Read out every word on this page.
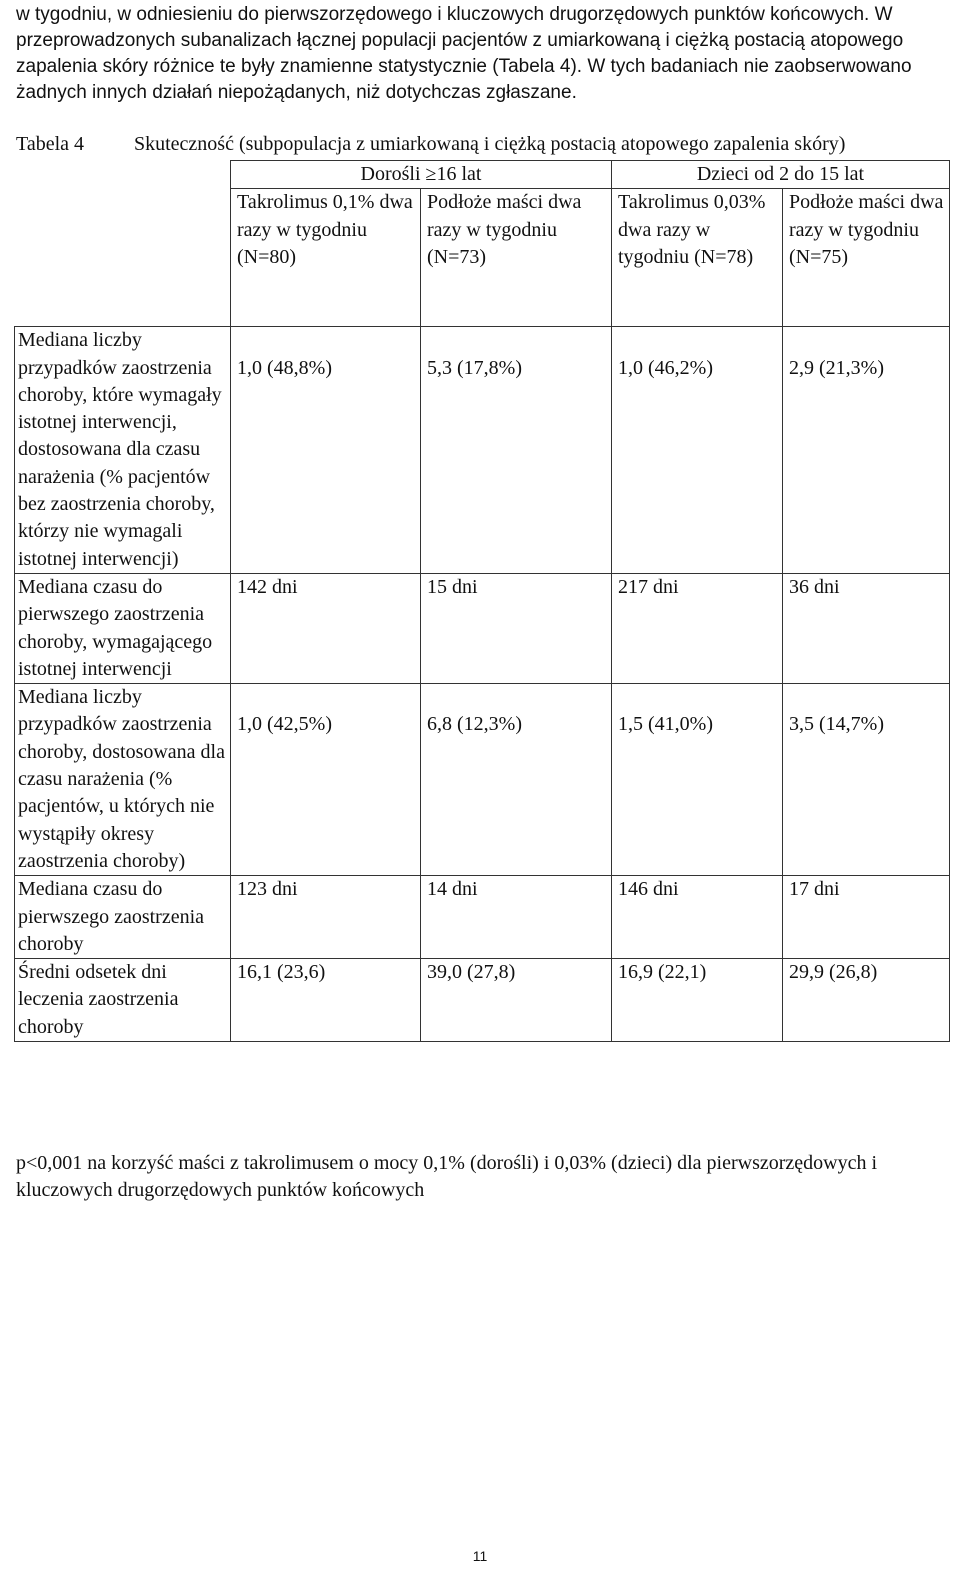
w tygodniu, w odniesieniu do pierwszorzędowego i kluczowych drugorzędowych punktów końcowych. W przeprowadzonych subanalizach łącznej populacji pacjentów z umiarkowaną i ciężką postacią atopowego zapalenia skóry różnice te były znamienne statystycznie (Tabela 4). W tych badaniach nie zaobserwowano żadnych innych działań niepożądanych, niż dotychczas zgłaszane.
Tabela 4 Skuteczność (subpopulacja z umiarkowaną i ciężką postacią atopowego zapalenia skóry)
	Dorośli ≥16 lat		Dzieci od 2 do 15 lat	
	Takrolimus 0,1% dwa razy w tygodniu (N=80)	Podłoże maści dwa razy w tygodniu (N=73)	Takrolimus 0,03% dwa razy w tygodniu (N=78)	Podłoże maści dwa razy w tygodniu (N=75)
Mediana liczby przypadków zaostrzenia choroby, które wymagały istotnej interwencji, dostosowana dla czasu narażenia (% pacjentów bez zaostrzenia choroby, którzy nie wymagali istotnej interwencji)	1,0 (48,8%)	5,3 (17,8%)	1,0 (46,2%)	2,9 (21,3%)
Mediana czasu do pierwszego zaostrzenia choroby, wymagającego istotnej interwencji	142 dni	15 dni	217 dni	36 dni
Mediana liczby przypadków zaostrzenia choroby, dostosowana dla czasu narażenia (% pacjentów, u których nie wystąpiły okresy zaostrzenia choroby)	1,0 (42,5%)	6,8 (12,3%)	1,5 (41,0%)	3,5 (14,7%)
Mediana czasu do pierwszego zaostrzenia choroby	123 dni	14 dni	146 dni	17 dni
Średni odsetek dni leczenia zaostrzenia choroby	16,1 (23,6)	39,0 (27,8)	16,9 (22,1)	29,9 (26,8)
p<0,001 na korzyść maści z takrolimusem o mocy 0,1% (dorośli) i 0,03% (dzieci) dla pierwszorzędowych i kluczowych drugorzędowych punktów końcowych
11
